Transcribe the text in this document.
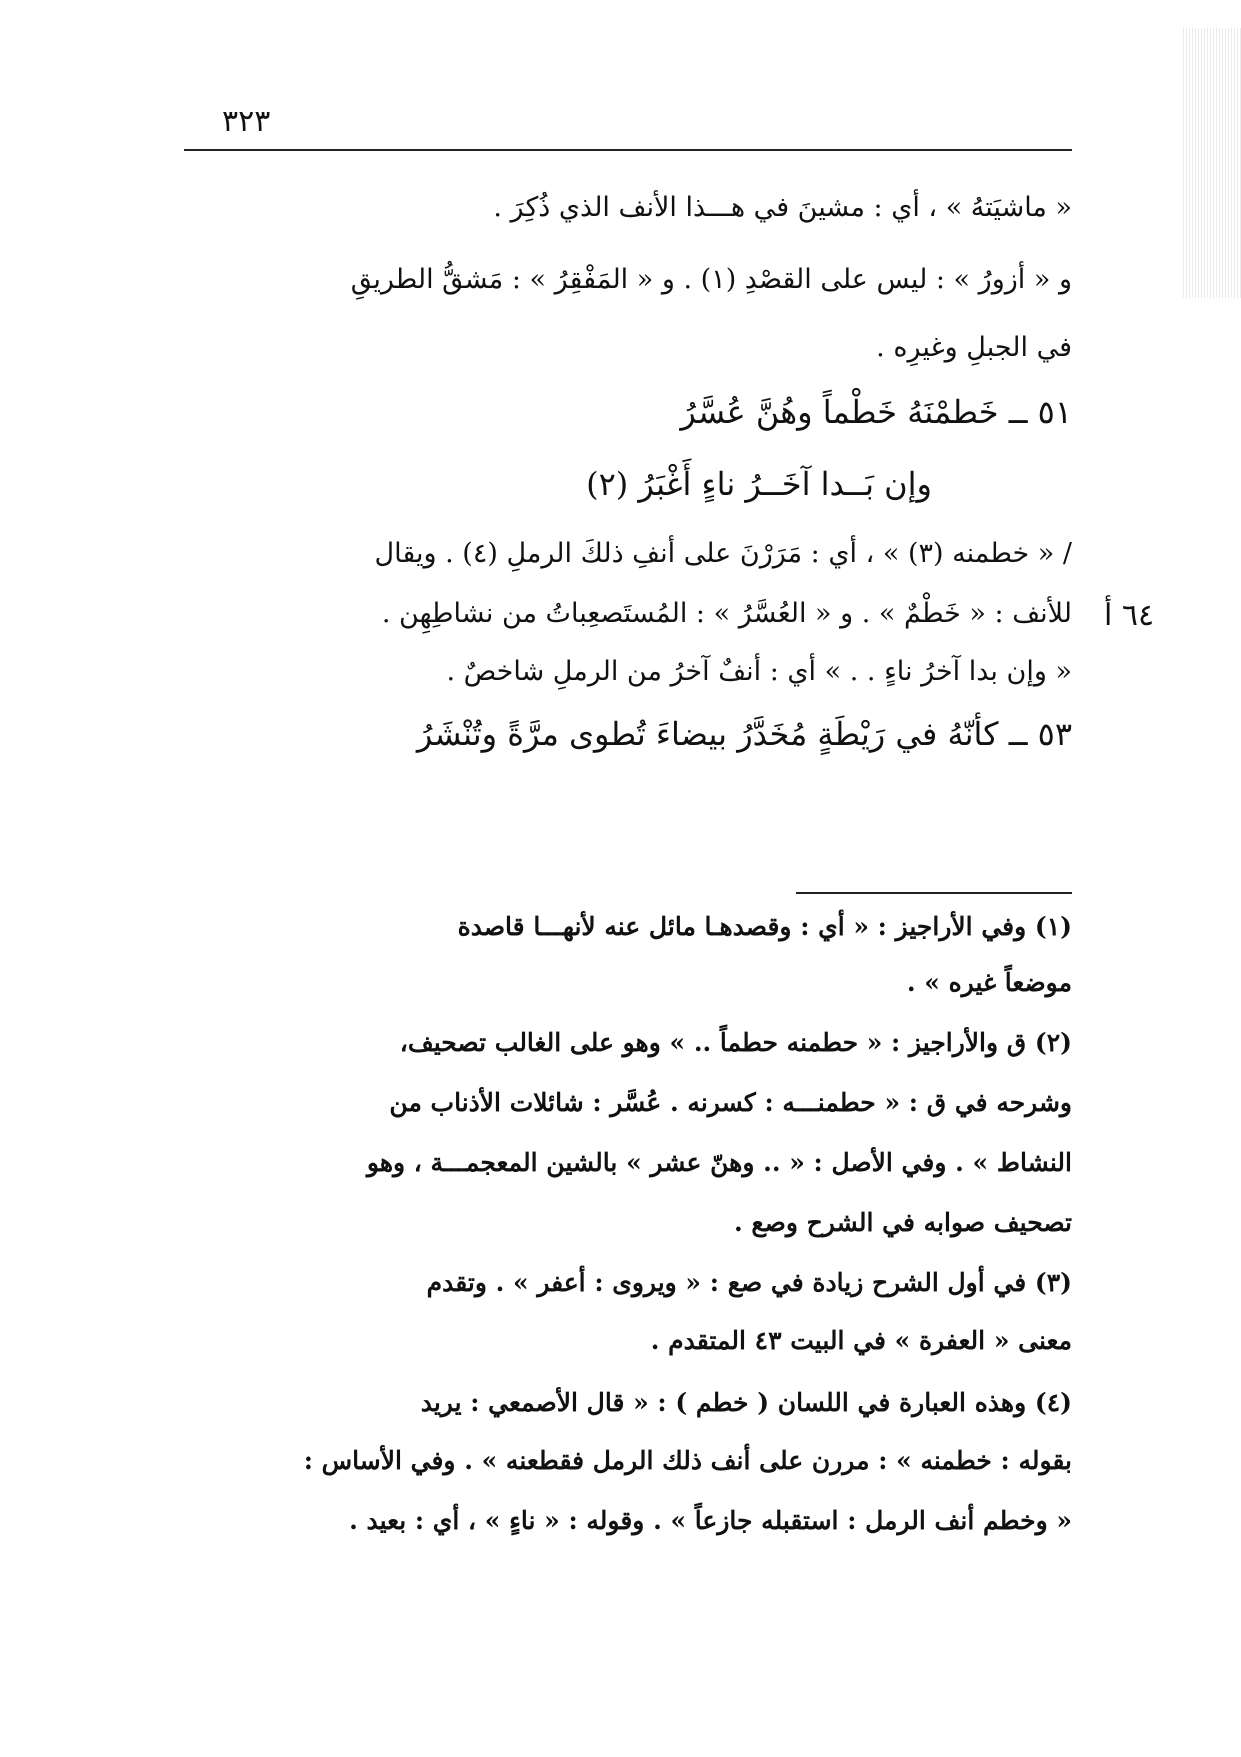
٣٢٣
« ماشيَتهُ » ، أي : مشينَ في هـــذا الأنف الذي ذُكِرَ .
و « أزورُ » : ليس على القصْدِ (١) . و « المَفْقِرُ » : مَشقُّ الطريقِ
في الجبلِ وغيرِه .
٥١ ــ خَطمْنَهُ خَطْماً وهُنَّ عُسَّرُ
وإن بَــدا آخَــرُ ناءٍ أَغْبَرُ (٢)
/ « خطمنه (٣) » ، أي : مَرَرْنَ على أنفِ ذلكَ الرملِ (٤) . ويقال
للأنف : « خَطْمٌ » . و « العُسَّرُ » : المُستَصعِباتُ من نشاطِهِن .
« وإن بدا آخرُ ناءٍ . . » أي : أنفٌ آخرُ من الرملِ شاخصٌ .
٥٣ ــ كأنّهُ في رَيْطَةٍ مُخَدَّرُ بيضاءَ تُطوى مرَّةً وتُنْشَرُ
٦٤ أ
(١) وفي الأراجيز : « أي : وقصدهـا مائل عنه لأنهـــا قاصدة
موضعاً غيره » .
(٢) ق والأراجيز : « حطمنه حطماً .. » وهو على الغالب تصحيف،
وشرحه في ق : « حطمنـــه : كسرنه . عُسَّر : شائلات الأذناب من
النشاط » . وفي الأصل : « .. وهنّ عشر » بالشين المعجمـــة ، وهو
تصحيف صوابه في الشرح وصع .
(٣) في أول الشرح زيادة في صع : « ويروى : أعفر » . وتقدم
معنى « العفرة » في البيت ٤٣ المتقدم .
(٤) وهذه العبارة في اللسان ( خطم ) : « قال الأصمعي : يريد
بقوله : خطمنه » : مررن على أنف ذلك الرمل فقطعنه » . وفي الأساس :
« وخطم أنف الرمل : استقبله جازعاً » . وقوله : « ناءٍ » ، أي : بعيد .
